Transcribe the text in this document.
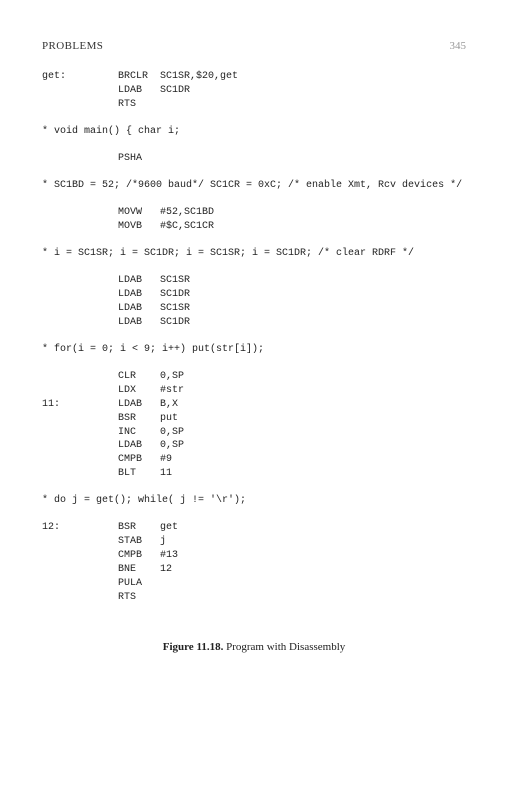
PROBLEMS	345
get:	BRCLR SC1SR,$20,get
LDAB SC1DR
RTS
* void main() { char i;
PSHA
* SC1BD = 52; /*9600 baud*/ SC1CR = 0xC; /* enable Xmt, Rcv devices */
MOVW #52,SC1BD
MOVB #$C,SC1CR
* i = SC1SR; i = SC1DR; i = SC1SR; i = SC1DR; /* clear RDRF */
LDAB SC1SR
LDAB SC1DR
LDAB SC1SR
LDAB SC1DR
* for(i = 0; i < 9; i++) put(str[i]);
CLR 0,SP
LDX #str
11:	LDAB B,X
BSR put
INC 0,SP
LDAB 0,SP
CMPB #9
BLT 11
* do j = get(); while( j != '\r');
12:	BSR get
STAB j
CMPB #13
BNE 12
PULA
RTS
Figure 11.18. Program with Disassembly
